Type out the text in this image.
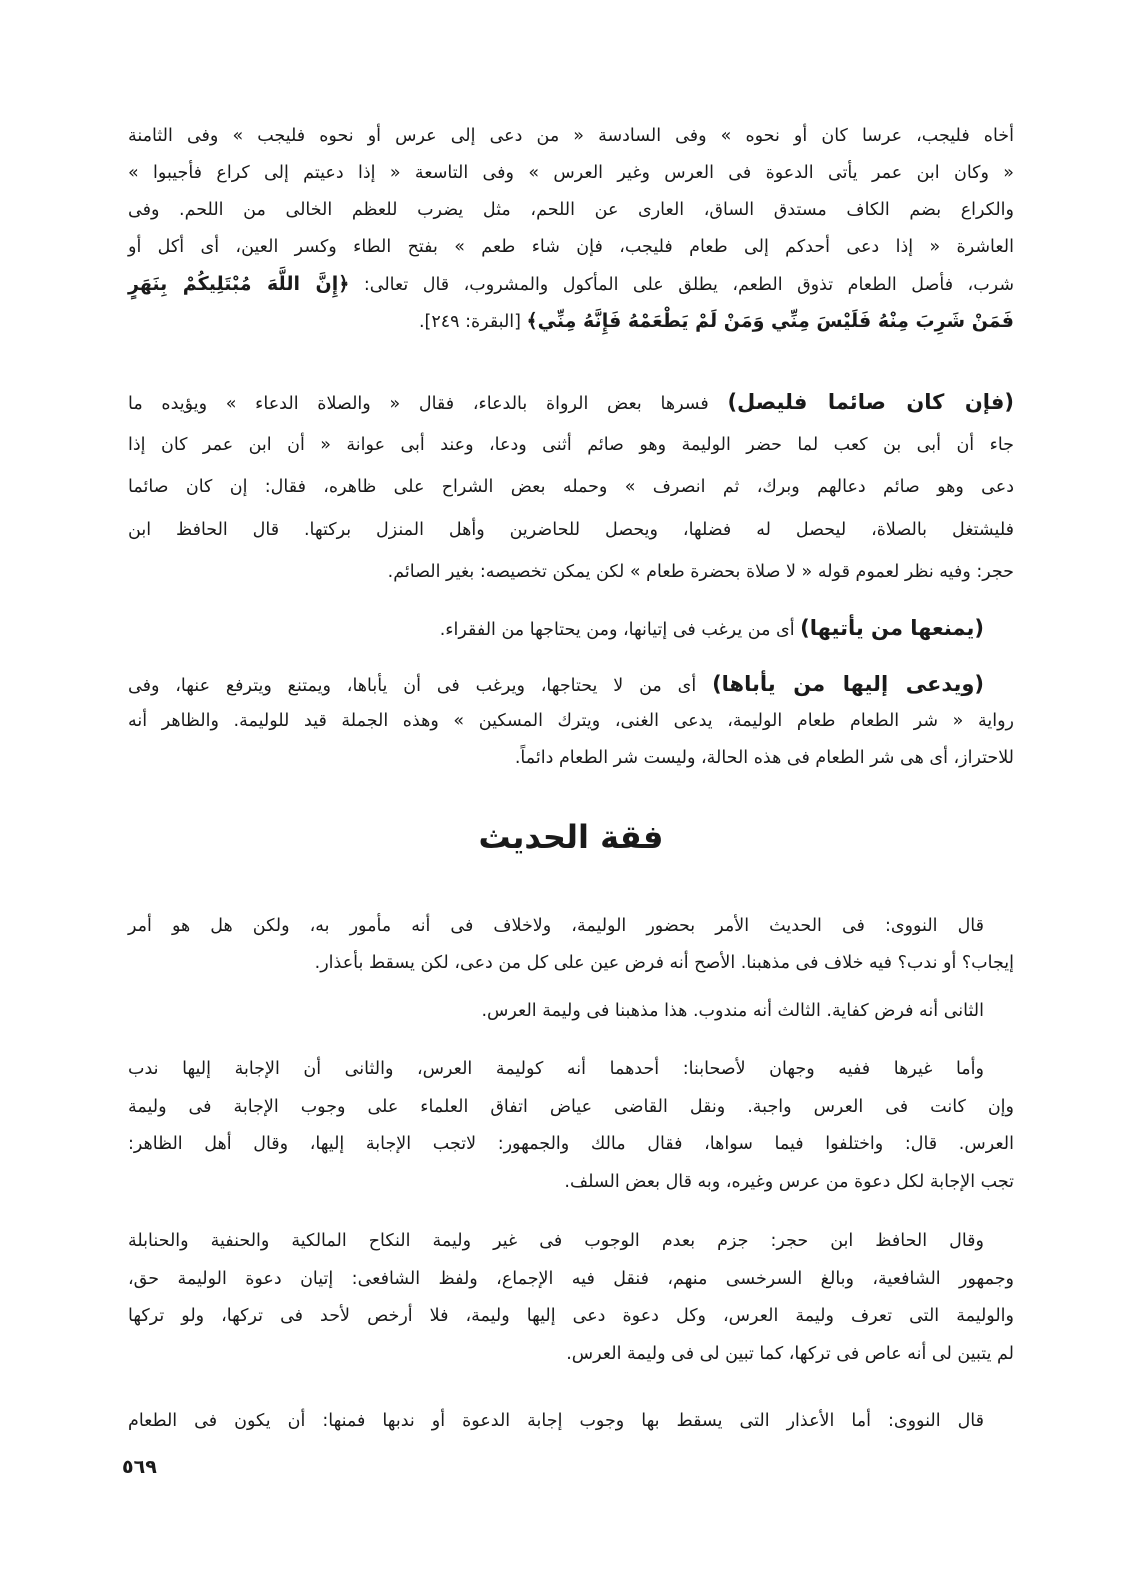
فقة الحديث
أخاه فليجب، عرسا كان أو نحوه » وفى السادسة « من دعى إلى عرس أو نحوه فليجب » وفى الثامنة
« وكان ابن عمر يأتى الدعوة فى العرس وغير العرس » وفى التاسعة « إذا دعيتم إلى كراع فأجيبوا »
والكراع بضم الكاف مستدق الساق، العارى عن اللحم، مثل يضرب للعظم الخالى من اللحم. وفى
العاشرة « إذا دعى أحدكم إلى طعام فليجب، فإن شاء طعم » بفتح الطاء وكسر العين، أى أكل أو
شرب، فأصل الطعام تذوق الطعم، يطلق على المأكول والمشروب، قال تعالى: ﴿إِنَّ اللَّهَ مُبْتَلِيكُمْ بِنَهَرٍ
فَمَنْ شَرِبَ مِنْهُ فَلَيْسَ مِنِّي وَمَنْ لَمْ يَطْعَمْهُ فَإِنَّهُ مِنِّي﴾ [البقرة: ٢٤٩].
(فإن كان صائما فليصل) فسرها بعض الرواة بالدعاء، فقال « والصلاة الدعاء » ويؤيده ما
جاء أن أبى بن كعب لما حضر الوليمة وهو صائم أثنى ودعا، وعند أبى عوانة « أن ابن عمر كان إذا
دعى وهو صائم دعالهم وبرك، ثم انصرف » وحمله بعض الشراح على ظاهره، فقال: إن كان صائما
فليشتغل بالصلاة، ليحصل له فضلها، ويحصل للحاضرين وأهل المنزل بركتها. قال الحافظ ابن
حجر: وفيه نظر لعموم قوله « لا صلاة بحضرة طعام » لكن يمكن تخصيصه: بغير الصائم.
(يمنعها من يأتيها) أى من يرغب فى إتيانها، ومن يحتاجها من الفقراء.
(ويدعى إليها من يأباها) أى من لا يحتاجها، ويرغب فى أن يأباها، ويمتنع ويترفع عنها، وفى
رواية « شر الطعام طعام الوليمة، يدعى الغنى، ويترك المسكين » وهذه الجملة قيد للوليمة. والظاهر أنه
للاحتراز، أى هى شر الطعام فى هذه الحالة، وليست شر الطعام دائماً.
قال النووى: فى الحديث الأمر بحضور الوليمة، ولاخلاف فى أنه مأمور به، ولكن هل هو أمر
إيجاب؟ أو ندب؟ فيه خلاف فى مذهبنا. الأصح أنه فرض عين على كل من دعى، لكن يسقط بأعذار.
الثانى أنه فرض كفاية. الثالث أنه مندوب. هذا مذهبنا فى وليمة العرس.
وأما غيرها ففيه وجهان لأصحابنا: أحدهما أنه كوليمة العرس، والثانى أن الإجابة إليها ندب
وإن كانت فى العرس واجبة. ونقل القاضى عياض اتفاق العلماء على وجوب الإجابة فى وليمة
العرس. قال: واختلفوا فيما سواها، فقال مالك والجمهور: لاتجب الإجابة إليها، وقال أهل الظاهر:
تجب الإجابة لكل دعوة من عرس وغيره، وبه قال بعض السلف.
وقال الحافظ ابن حجر: جزم بعدم الوجوب فى غير وليمة النكاح المالكية والحنفية والحنابلة
وجمهور الشافعية، وبالغ السرخسى منهم، فنقل فيه الإجماع، ولفظ الشافعى: إتيان دعوة الوليمة حق،
والوليمة التى تعرف وليمة العرس، وكل دعوة دعى إليها وليمة، فلا أرخص لأحد فى تركها، ولو تركها
لم يتبين لى أنه عاص فى تركها، كما تبين لى فى وليمة العرس.
قال النووى: أما الأعذار التى يسقط بها وجوب إجابة الدعوة أو ندبها فمنها: أن يكون فى الطعام
٥٦٩
